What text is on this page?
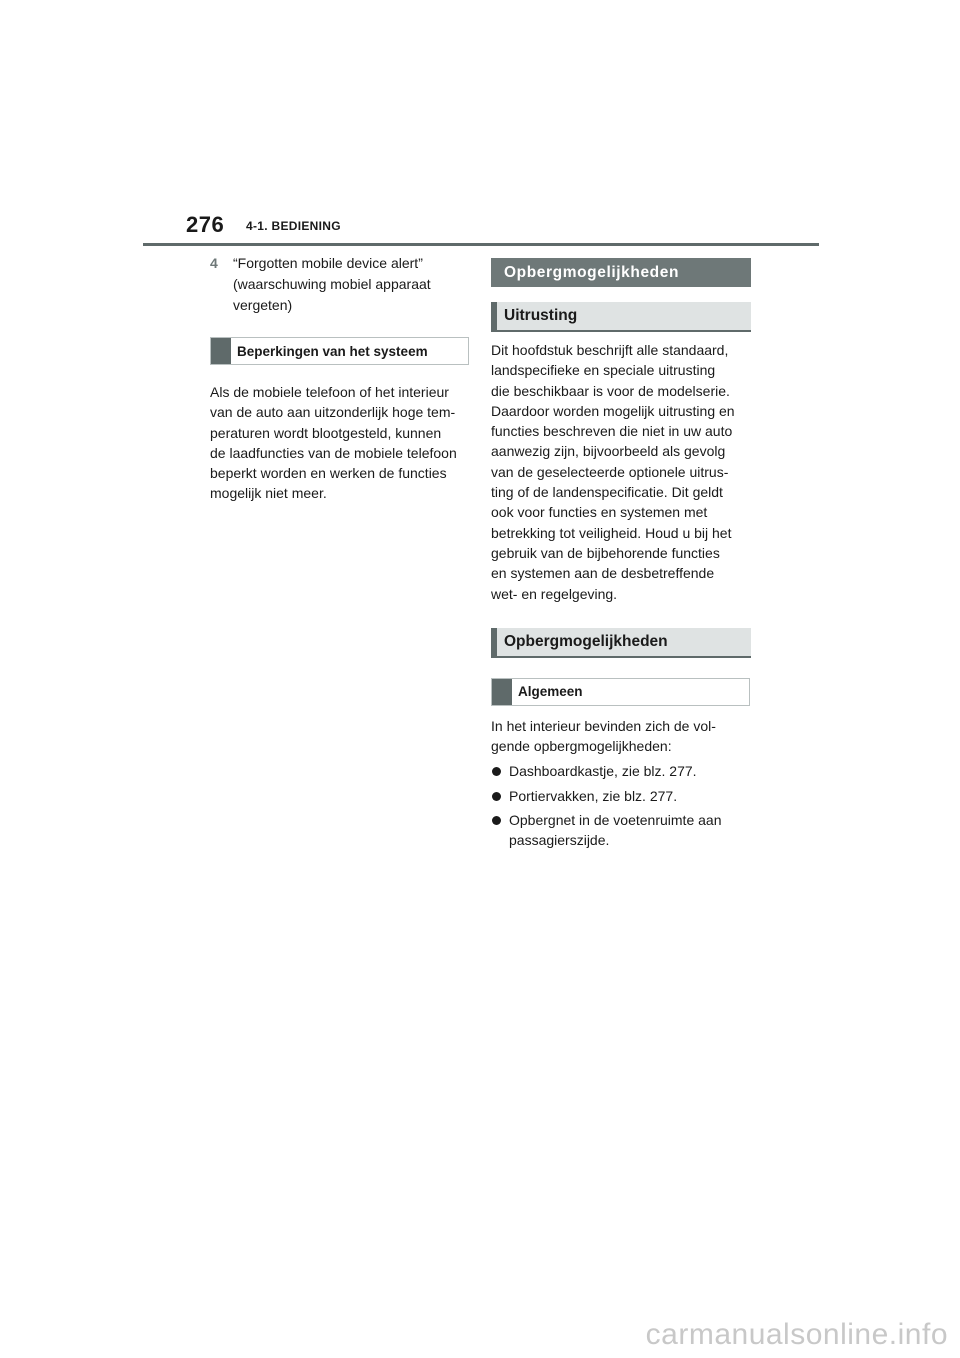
276 4-1. BEDIENING

4 “Forgotten mobile device alert”
(waarschuwing mobiel apparaat
vergeten)

Beperkingen van het systeem

Als de mobiele telefoon of het interieur
van de auto aan uitzonderlijk hoge tem-
peraturen wordt blootgesteld, kunnen
de laadfuncties van de mobiele telefoon
beperkt worden en werken de functies
mogelijk niet meer.

Opbergmogelijkheden
Uitrusting

Dit hoofdstuk beschrijft alle standaard,
landspecifieke en speciale uitrusting
die beschikbaar is voor de modelserie.
Daardoor worden mogelijk uitrusting en
functies beschreven die niet in uw auto
aanwezig zijn, bijvoorbeeld als gevolg
van de geselecteerde optionele uitrus-
ting of de landenspecificatie. Dit geldt
ook voor functies en systemen met
betrekking tot veiligheid. Houd u bij het
gebruik van de bijbehorende functies
en systemen aan de desbetreffende
wet- en regelgeving.

Opbergmogelijkheden
Algemeen

In het interieur bevinden zich de vol-
gende opbergmogelijkheden:

Dashboardkastje, zie blz. 277.
Portiervakken, zie blz. 277.
Opbergnet in de voetenruimte aan
passagierszijde.
carmanualsonline.info
